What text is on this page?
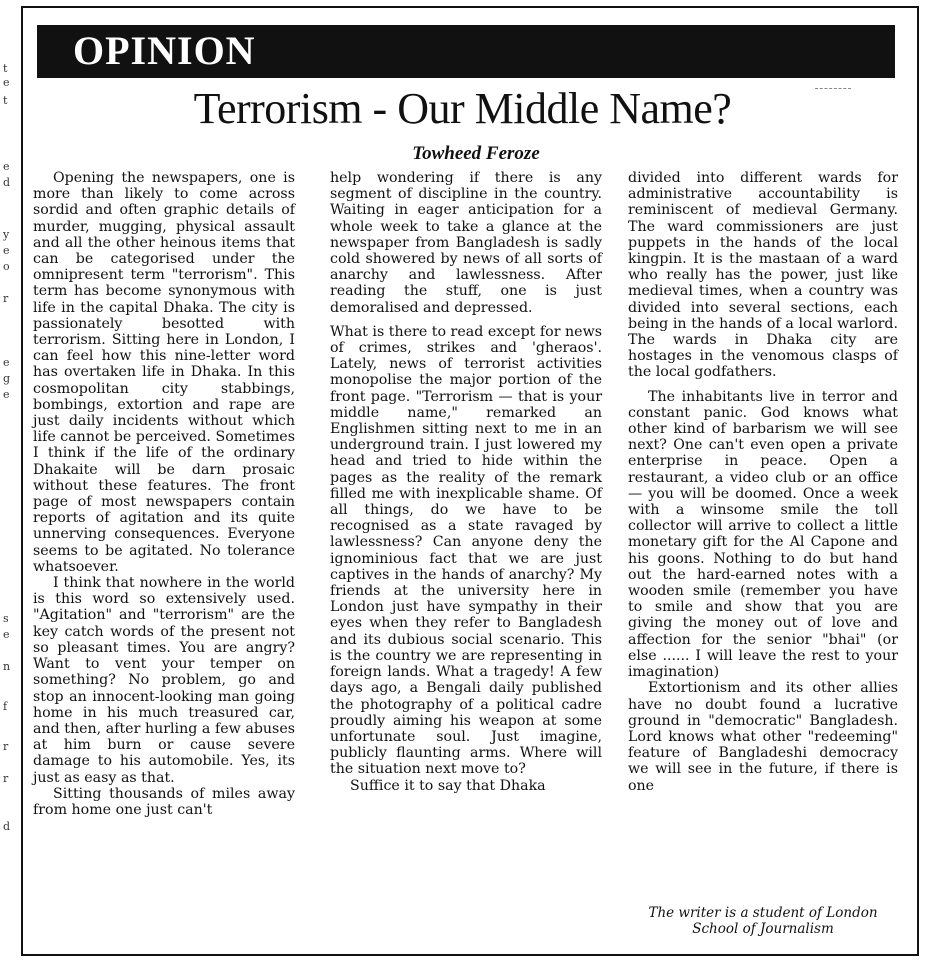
t
e
t
e
d
y
e
o
r
e
g
e
s
e
n
f
r
r
d
OPINION
Terrorism - Our Middle Name?
Towheed Feroze

Opening the newspapers, one is more than likely to come across sordid and often graphic details of murder, mugging, physical assault and all the other heinous items that can be categorised under the omnipresent term "terrorism". This term has become synonymous with life in the capital Dhaka. The city is passionately besotted with terrorism. Sitting here in London, I can feel how this nine-letter word has overtaken life in Dhaka. In this cosmopolitan city stabbings, bombings, extortion and rape are just daily incidents without which life cannot be perceived. Sometimes I think if the life of the ordinary Dhakaite will be darn prosaic without these features. The front page of most newspapers contain reports of agitation and its quite unnerving consequences. Everyone seems to be agitated. No tolerance whatsoever.

I think that nowhere in the world is this word so extensively used. "Agitation" and "terrorism" are the key catch words of the present not so pleasant times. You are angry? Want to vent your temper on something? No problem, go and stop an innocent-looking man going home in his much treasured car, and then, after hurling a few abuses at him burn or cause severe damage to his automobile. Yes, its just as easy as that.

Sitting thousands of miles away from home one just can't

help wondering if there is any segment of discipline in the country. Waiting in eager anticipation for a whole week to take a glance at the newspaper from Bangladesh is sadly cold showered by news of all sorts of anarchy and lawlessness. After reading the stuff, one is just demoralised and depressed.

What is there to read except for news of crimes, strikes and 'gheraos'. Lately, news of terrorist activities monopolise the major portion of the front page. "Terrorism — that is your middle name," remarked an Englishmen sitting next to me in an underground train. I just lowered my head and tried to hide within the pages as the reality of the remark filled me with inexplicable shame. Of all things, do we have to be recognised as a state ravaged by lawlessness? Can anyone deny the ignominious fact that we are just captives in the hands of anarchy? My friends at the university here in London just have sympathy in their eyes when they refer to Bangladesh and its dubious social scenario. This is the country we are representing in foreign lands. What a tragedy! A few days ago, a Bengali daily published the photography of a political cadre proudly aiming his weapon at some unfortunate soul. Just imagine, publicly flaunting arms. Where will the situation next move to?

Suffice it to say that Dhaka

divided into different wards for administrative accountability is reminiscent of medieval Germany. The ward commissioners are just puppets in the hands of the local kingpin. It is the mastaan of a ward who really has the power, just like medieval times, when a country was divided into several sections, each being in the hands of a local warlord. The wards in Dhaka city are hostages in the venomous clasps of the local godfathers.

The inhabitants live in terror and constant panic. God knows what other kind of barbarism we will see next? One can't even open a private enterprise in peace. Open a restaurant, a video club or an office — you will be doomed. Once a week with a winsome smile the toll collector will arrive to collect a little monetary gift for the Al Capone and his goons. Nothing to do but hand out the hard-earned notes with a wooden smile (remember you have to smile and show that you are giving the money out of love and affection for the senior "bhai" (or else ...... I will leave the rest to your imagination)

Extortionism and its other allies have no doubt found a lucrative ground in "democratic" Bangladesh. Lord knows what other "redeeming" feature of Bangladeshi democracy we will see in the future, if there is one

The writer is a student of London School of Journalism
